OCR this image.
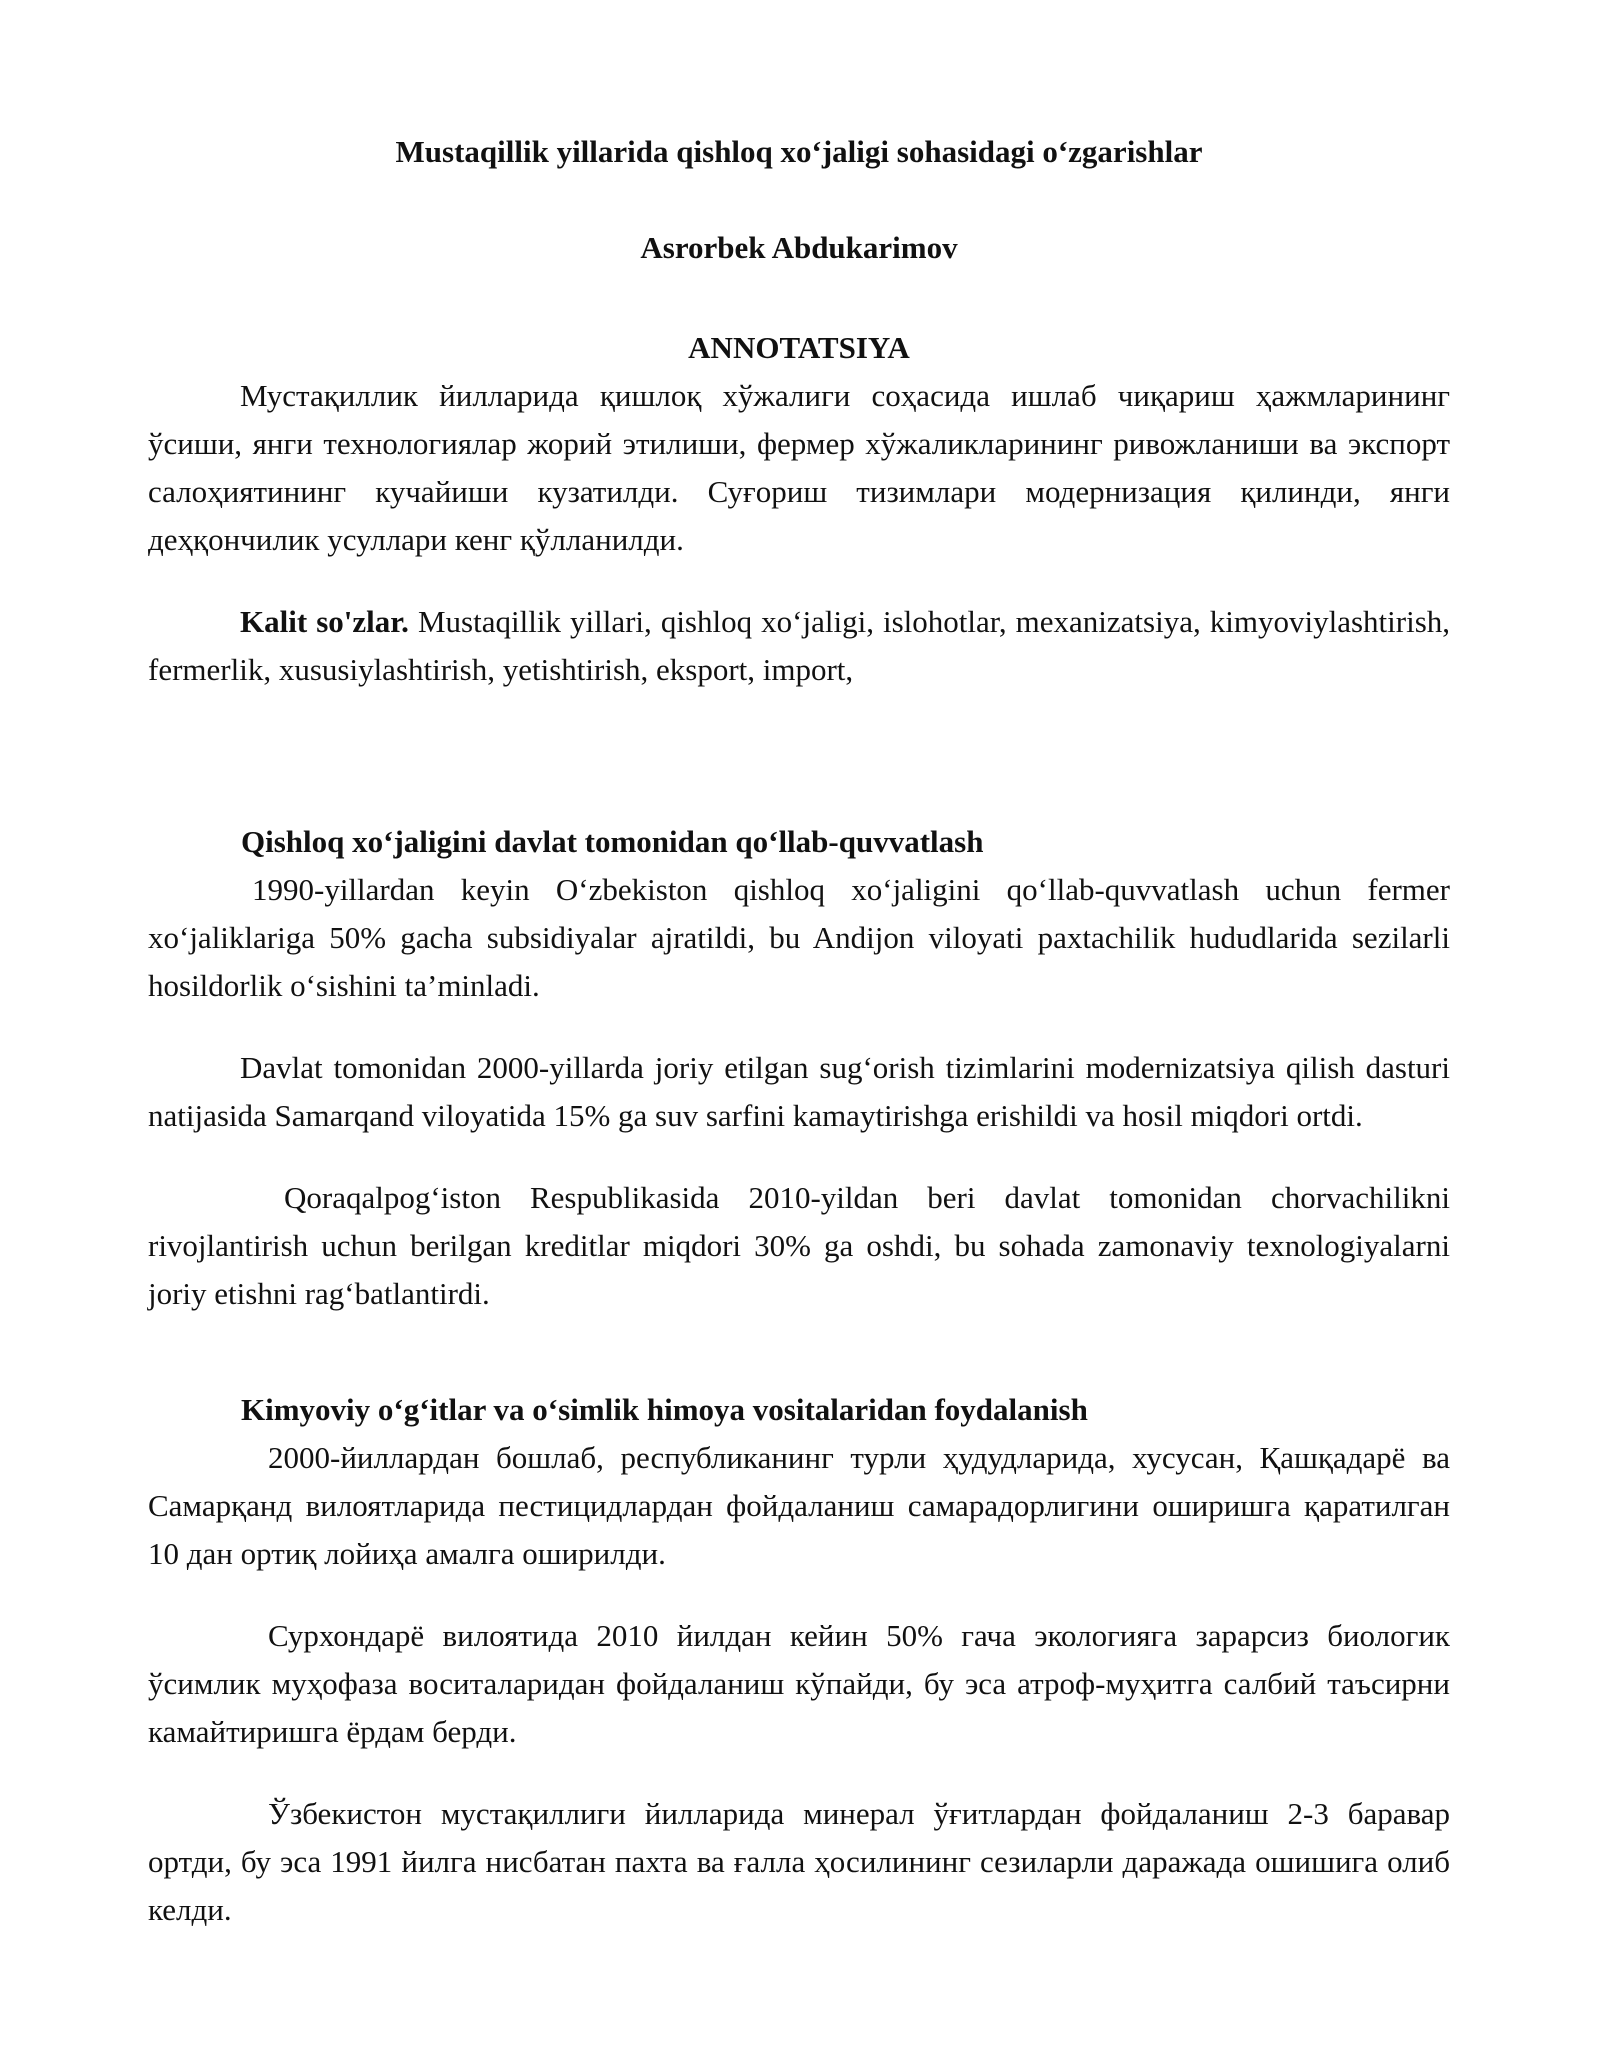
Mustaqillik yillarida qishloq xo‘jaligi sohasidagi o‘zgarishlar
Asrorbek Abdukarimov
ANNOTATSIYA

Мустақиллик йилларида қишлоқ хўжалиги соҳасида ишлаб чиқариш ҳажмларининг ўсиши, янги технологиялар жорий этилиши, фермер хўжаликларининг ривожланиши ва экспорт салоҳиятининг кучайиши кузатилди. Суғориш тизимлари модернизация қилинди, янги деҳқончилик усуллари кенг қўлланилди.

Kalit so'zlar. Mustaqillik yillari, qishloq xo‘jaligi, islohotlar, mexanizatsiya, kimyoviylashtirish, fermerlik, xususiylashtirish, yetishtirish, eksport, import,

Qishloq xo‘jaligini davlat tomonidan qo‘llab-quvvatlash

1990-yillardan keyin O‘zbekiston qishloq xo‘jaligini qo‘llab-quvvatlash uchun fermer xo‘jaliklariga 50% gacha subsidiyalar ajratildi, bu Andijon viloyati paxtachilik hududlarida sezilarli hosildorlik o‘sishini ta’minladi.

Davlat tomonidan 2000-yillarda joriy etilgan sug‘orish tizimlarini modernizatsiya qilish dasturi natijasida Samarqand viloyatida 15% ga suv sarfini kamaytirishga erishildi va hosil miqdori ortdi.

Qoraqalpog‘iston Respublikasida 2010-yildan beri davlat tomonidan chorvachilikni rivojlantirish uchun berilgan kreditlar miqdori 30% ga oshdi, bu sohada zamonaviy texnologiyalarni joriy etishni rag‘batlantirdi.

Kimyoviy o‘g‘itlar va o‘simlik himoya vositalaridan foydalanish

2000-йиллардан бошлаб, республиканинг турли ҳудудларида, хусусан, Қашқадарё ва Самарқанд вилоятларида пестицидлардан фойдаланиш самарадорлигини оширишга қаратилган 10 дан ортиқ лойиҳа амалга оширилди.

Сурхондарё вилоятида 2010 йилдан кейин 50% гача экологияга зарарсиз биологик ўсимлик муҳофаза воситаларидан фойдаланиш кўпайди, бу эса атроф-муҳитга салбий таъсирни камайтиришга ёрдам берди.

Ўзбекистон мустақиллиги йилларида минерал ўғитлардан фойдаланиш 2-3 баравар ортди, бу эса 1991 йилга нисбатан пахта ва ғалла ҳосилининг сезиларли даражада ошишига олиб келди.
